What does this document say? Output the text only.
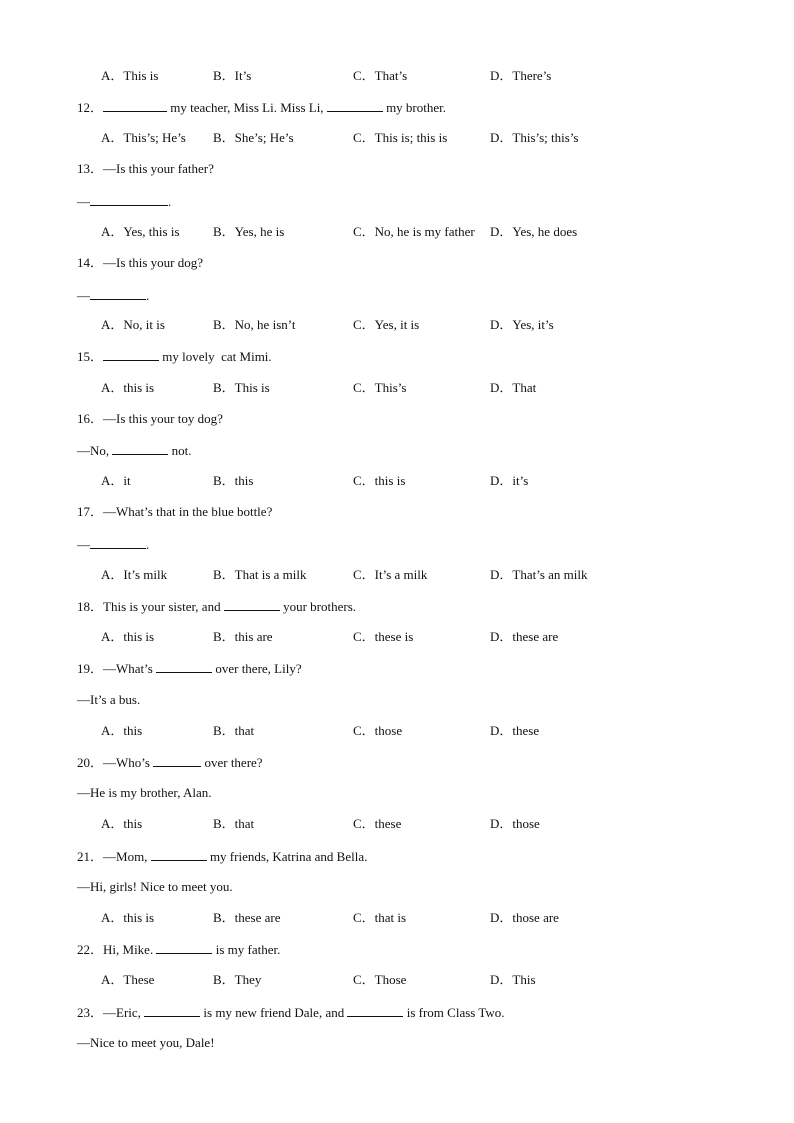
A．This is	B．It’s	C．That’s	D．There’s
12．	my teacher, Miss Li. Miss Li,	my brother.
A．This’s; He’s B．She’s; He’s	C．This is; this is	D．This’s; this’s
13．—Is this your father?
—	.
A．Yes, this is	B．Yes, he is	C．No, he is my father D．Yes, he does
14．—Is this your dog?
—	.
A．No, it is	B．No, he isn’t	C．Yes, it is	D．Yes, it’s
15．	my lovely  cat Mimi.
A．this is	B．This is	C．This’s	D．That
16．—Is this your toy dog?
—No,	not.
A．it	B．this	C．this is	D．it’s
17．—What’s that in the blue bottle?
—	.
A．It’s milk	B．That is a milk	C．It’s a milk	D．That’s an milk
18．This is your sister, and	your brothers.
A．this is	B．this are	C．these is	D．these are
19．—What’s	over there, Lily?
—It’s a bus.
A．this	B．that	C．those	D．these
20．—Who’s	over there?
—He is my brother, Alan.
A．this	B．that	C．these	D．those
21．—Mom,	my friends, Katrina and Bella.
—Hi, girls! Nice to meet you.
A．this is	B．these are	C．that is	D．those are
22．Hi, Mike.	is my father.
A．These	B．They	C．Those	D．This
23．—Eric,	is my new friend Dale, and	is from Class Two.
—Nice to meet you, Dale!
